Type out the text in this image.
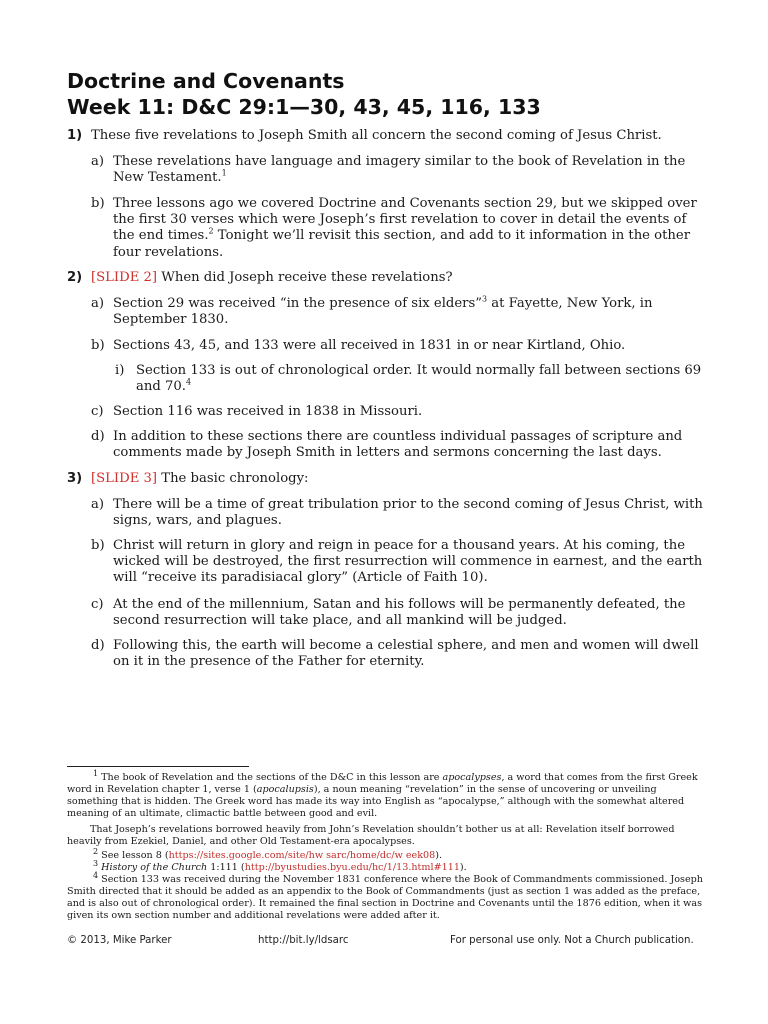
Doctrine and Covenants
Week 11: D&C 29:1—30, 43, 45, 116, 133
1) These five revelations to Joseph Smith all concern the second coming of Jesus Christ.
a) These revelations have language and imagery similar to the book of Revelation in the New Testament.$^1$
b) Three lessons ago we covered Doctrine and Covenants section 29, but we skipped over the first 30 verses which were Joseph’s first revelation to cover in detail the events of the end times.$^2$ Tonight we’ll revisit this section, and add to it information in the other four revelations.
2) [SLIDE 2] When did Joseph receive these revelations?
a) Section 29 was received “in the presence of six elders”$^3$ at Fayette, New York, in September 1830.
b) Sections 43, 45, and 133 were all received in 1831 in or near Kirtland, Ohio.
i) Section 133 is out of chronological order. It would normally fall between sections 69 and 70.$^4$
c) Section 116 was received in 1838 in Missouri.
d) In addition to these sections there are countless individual passages of scripture and comments made by Joseph Smith in letters and sermons concerning the last days.
3) [SLIDE 3] The basic chronology:
a) There will be a time of great tribulation prior to the second coming of Jesus Christ, with signs, wars, and plagues.
b) Christ will return in glory and reign in peace for a thousand years. At his coming, the wicked will be destroyed, the first resurrection will commence in earnest, and the earth will “receive its paradisiacal glory” (Article of Faith 10).
c) At the end of the millennium, Satan and his follows will be permanently defeated, the second resurrection will take place, and all mankind will be judged.
d) Following this, the earth will become a celestial sphere, and men and women will dwell on it in the presence of the Father for eternity.
$^1$ The book of Revelation and the sections of the D&C in this lesson are apocalypses, a word that comes from the first Greek word in Revelation chapter 1, verse 1 (apocalupsis), a noun meaning “revelation” in the sense of uncovering or unveiling something that is hidden. The Greek word has made its way into English as “apocalypse,” although with the somewhat altered meaning of an ultimate, climactic battle between good and evil.
That Joseph’s revelations borrowed heavily from John’s Revelation shouldn’t bother us at all: Revelation itself borrowed heavily from Ezekiel, Daniel, and other Old Testament-era apocalypses.
$^2$ See lesson 8 (https://sites.google.com/site/hw sarc/home/dc/w eek08).
$^3$ History of the Church 1:111 (http://byustudies.byu.edu/hc/1/13.html#111).
$^4$ Section 133 was received during the November 1831 conference where the Book of Commandments commissioned. Joseph Smith directed that it should be added as an appendix to the Book of Commandments (just as section 1 was added as the preface, and is also out of chronological order). It remained the final section in Doctrine and Covenants until the 1876 edition, when it was given its own section number and additional revelations were added after it.
© 2013, Mike Parker	http://bit.ly/ldsarc	For personal use only. Not a Church publication.
